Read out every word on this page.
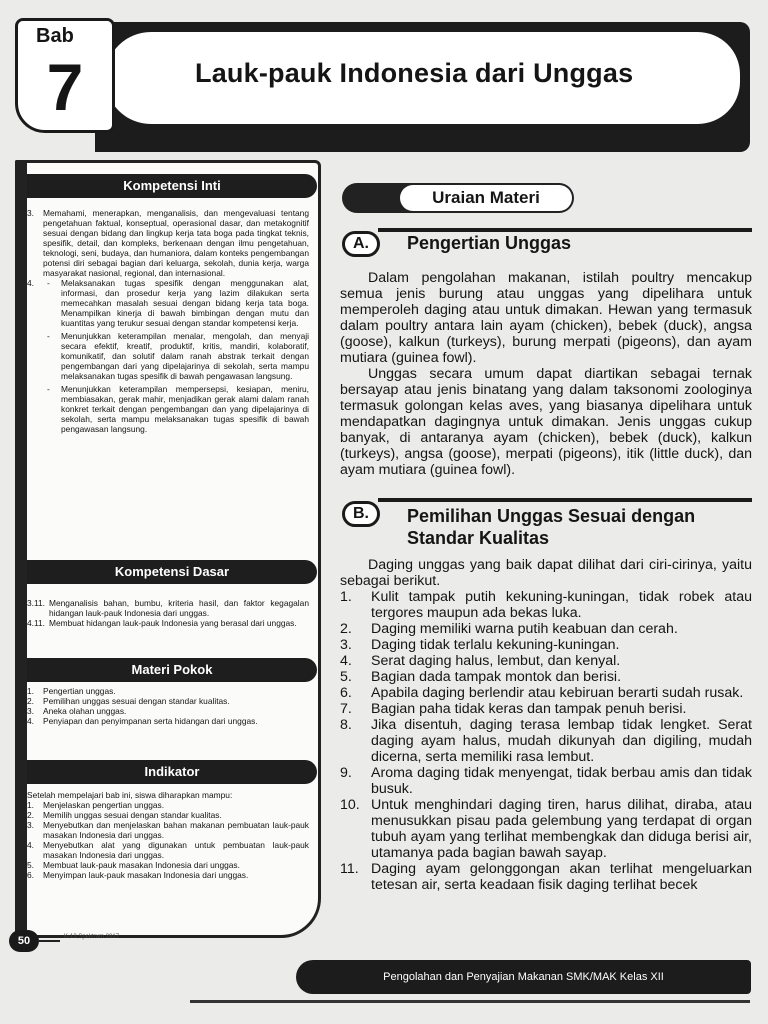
Lauk-pauk Indonesia dari Unggas
Bab
7
Kompetensi Inti
3.	Memahami, menerapkan, menganalisis, dan mengevaluasi tentang pengetahuan faktual, konseptual, operasional dasar, dan metakognitif sesuai dengan bidang dan lingkup kerja tata boga pada tingkat teknis, spesifik, detail, dan kompleks, berkenaan dengan ilmu pengetahuan, teknologi, seni, budaya, dan humaniora, dalam konteks pengembangan potensi diri sebagai bagian dari keluarga, sekolah, dunia kerja, warga masyarakat nasional, regional, dan internasional.
4.	-	Melaksanakan tugas spesifik dengan menggunakan alat, informasi, dan prosedur kerja yang lazim dilakukan serta memecahkan masalah sesuai dengan bidang kerja tata boga. Menampilkan kinerja di bawah bimbingan dengan mutu dan kuantitas yang terukur sesuai dengan standar kompetensi kerja.
-	Menunjukkan keterampilan menalar, mengolah, dan menyaji secara efektif, kreatif, produktif, kritis, mandiri, kolaboratif, komunikatif, dan solutif dalam ranah abstrak terkait dengan pengembangan dari yang dipelajarinya di sekolah, serta mampu melaksanakan tugas spesifik di bawah pengawasan langsung.
-	Menunjukkan keterampilan mempersepsi, kesiapan, meniru, membiasakan, gerak mahir, menjadikan gerak alami dalam ranah konkret terkait dengan pengembangan dan yang dipelajarinya di sekolah, serta mampu melaksanakan tugas spesifik di bawah pengawasan langsung.
Kompetensi Dasar
3.11. Menganalisis bahan, bumbu, kriteria hasil, dan faktor kegagalan hidangan lauk-pauk Indonesia dari unggas.
4.11. Membuat hidangan lauk-pauk Indonesia yang berasal dari unggas.
Materi Pokok
1.	Pengertian unggas.
2.	Pemilihan unggas sesuai dengan standar kualitas.
3.	Aneka olahan unggas.
4.	Penyiapan dan penyimpanan serta hidangan dari unggas.
Indikator
Setelah mempelajari bab ini, siswa diharapkan mampu:
1.	Menjelaskan pengertian unggas.
2.	Memilih unggas sesuai dengan standar kualitas.
3.	Menyebutkan dan menjelaskan bahan makanan pembuatan lauk-pauk masakan Indonesia dari unggas.
4.	Menyebutkan alat yang digunakan untuk pembuatan lauk-pauk masakan Indonesia dari unggas.
5.	Membuat lauk-pauk masakan Indonesia dari unggas.
6.	Menyimpan lauk-pauk masakan Indonesia dari unggas.
Uraian Materi
A.	Pengertian Unggas

Dalam pengolahan makanan, istilah poultry mencakup semua jenis burung atau unggas yang dipelihara untuk memperoleh daging atau untuk dimakan. Hewan yang termasuk dalam poultry antara lain ayam (chicken), bebek (duck), angsa (goose), kalkun (turkeys), burung merpati (pigeons), dan ayam mutiara (guinea fowl).

Unggas secara umum dapat diartikan sebagai ternak bersayap atau jenis binatang yang dalam taksonomi zoologinya termasuk golongan kelas aves, yang biasanya dipelihara untuk mendapatkan dagingnya untuk dimakan. Jenis unggas cukup banyak, di antaranya ayam (chicken), bebek (duck), kalkun (turkeys), angsa (goose), merpati (pigeons), itik (little duck), dan ayam mutiara (guinea fowl).

B.	Pemilihan Unggas Sesuai dengan
Standar Kualitas

Daging unggas yang baik dapat dilihat dari ciri-cirinya, yaitu sebagai berikut.

1.	Kulit tampak putih kekuning-kuningan, tidak robek atau tergores maupun ada bekas luka.
2.	Daging memiliki warna putih keabuan dan cerah.
3.	Daging tidak terlalu kekuning-kuningan.
4.	Serat daging halus, lembut, dan kenyal.
5.	Bagian dada tampak montok dan berisi.
6.	Apabila daging berlendir atau kebiruan berarti sudah rusak.
7.	Bagian paha tidak keras dan tampak penuh berisi.
8.	Jika disentuh, daging terasa lembap tidak lengket. Serat daging ayam halus, mudah dikunyah dan digiling, mudah dicerna, serta memiliki rasa lembut.
9.	Aroma daging tidak menyengat, tidak berbau amis dan tidak busuk.
10. Untuk menghindari daging tiren, harus dilihat, diraba, atau menusukkan pisau pada gelembung yang terdapat di organ tubuh ayam yang terlihat membengkak dan diduga berisi air, utamanya pada bagian bawah sayap.
11. Daging ayam gelonggongan akan terlihat mengeluarkan tetesan air, serta keadaan fisik daging terlihat becek
50	K-13 Spektrum 2017
Pengolahan dan Penyajian Makanan SMK/MAK Kelas XII
